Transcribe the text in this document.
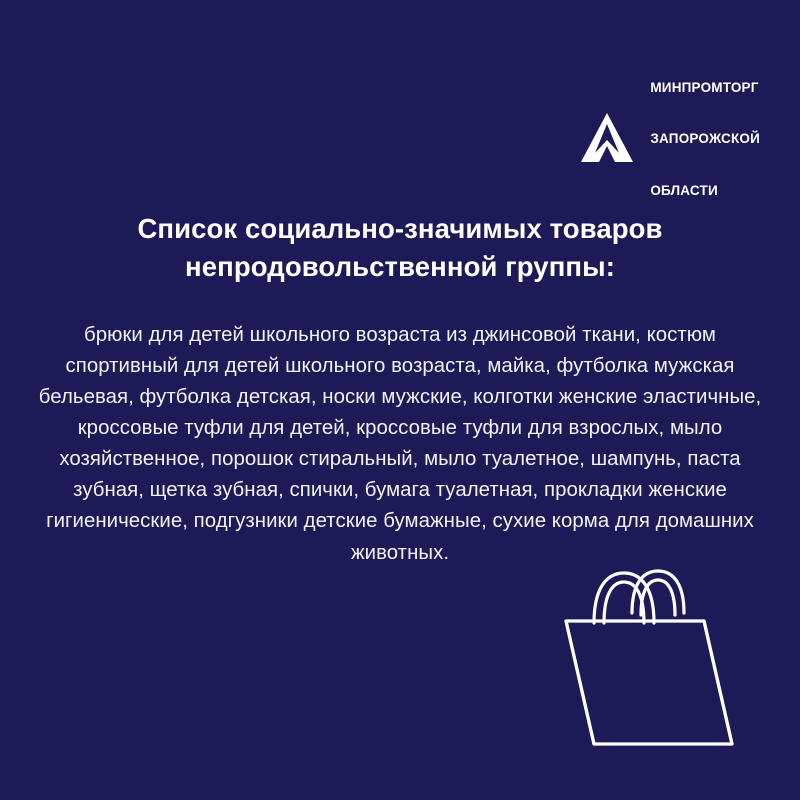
МИНПРОМТОРГ

ЗАПОРОЖСКОЙ

ОБЛАСТИ

Список социально-значимых товаров
непродовольственной группы:

брюки для детей школьного возраста из джинсовой ткани, костюм спортивный для детей школьного возраста, майка, футболка мужская бельевая, футболка детская, носки мужские, колготки женские эластичные, кроссовые туфли для детей, кроссовые туфли для взрослых, мыло хозяйственное, порошок стиральный, мыло туалетное, шампунь, паста зубная, щетка зубная, спички, бумага туалетная, прокладки женские гигиенические, подгузники детские бумажные, сухие корма для домашних животных.
